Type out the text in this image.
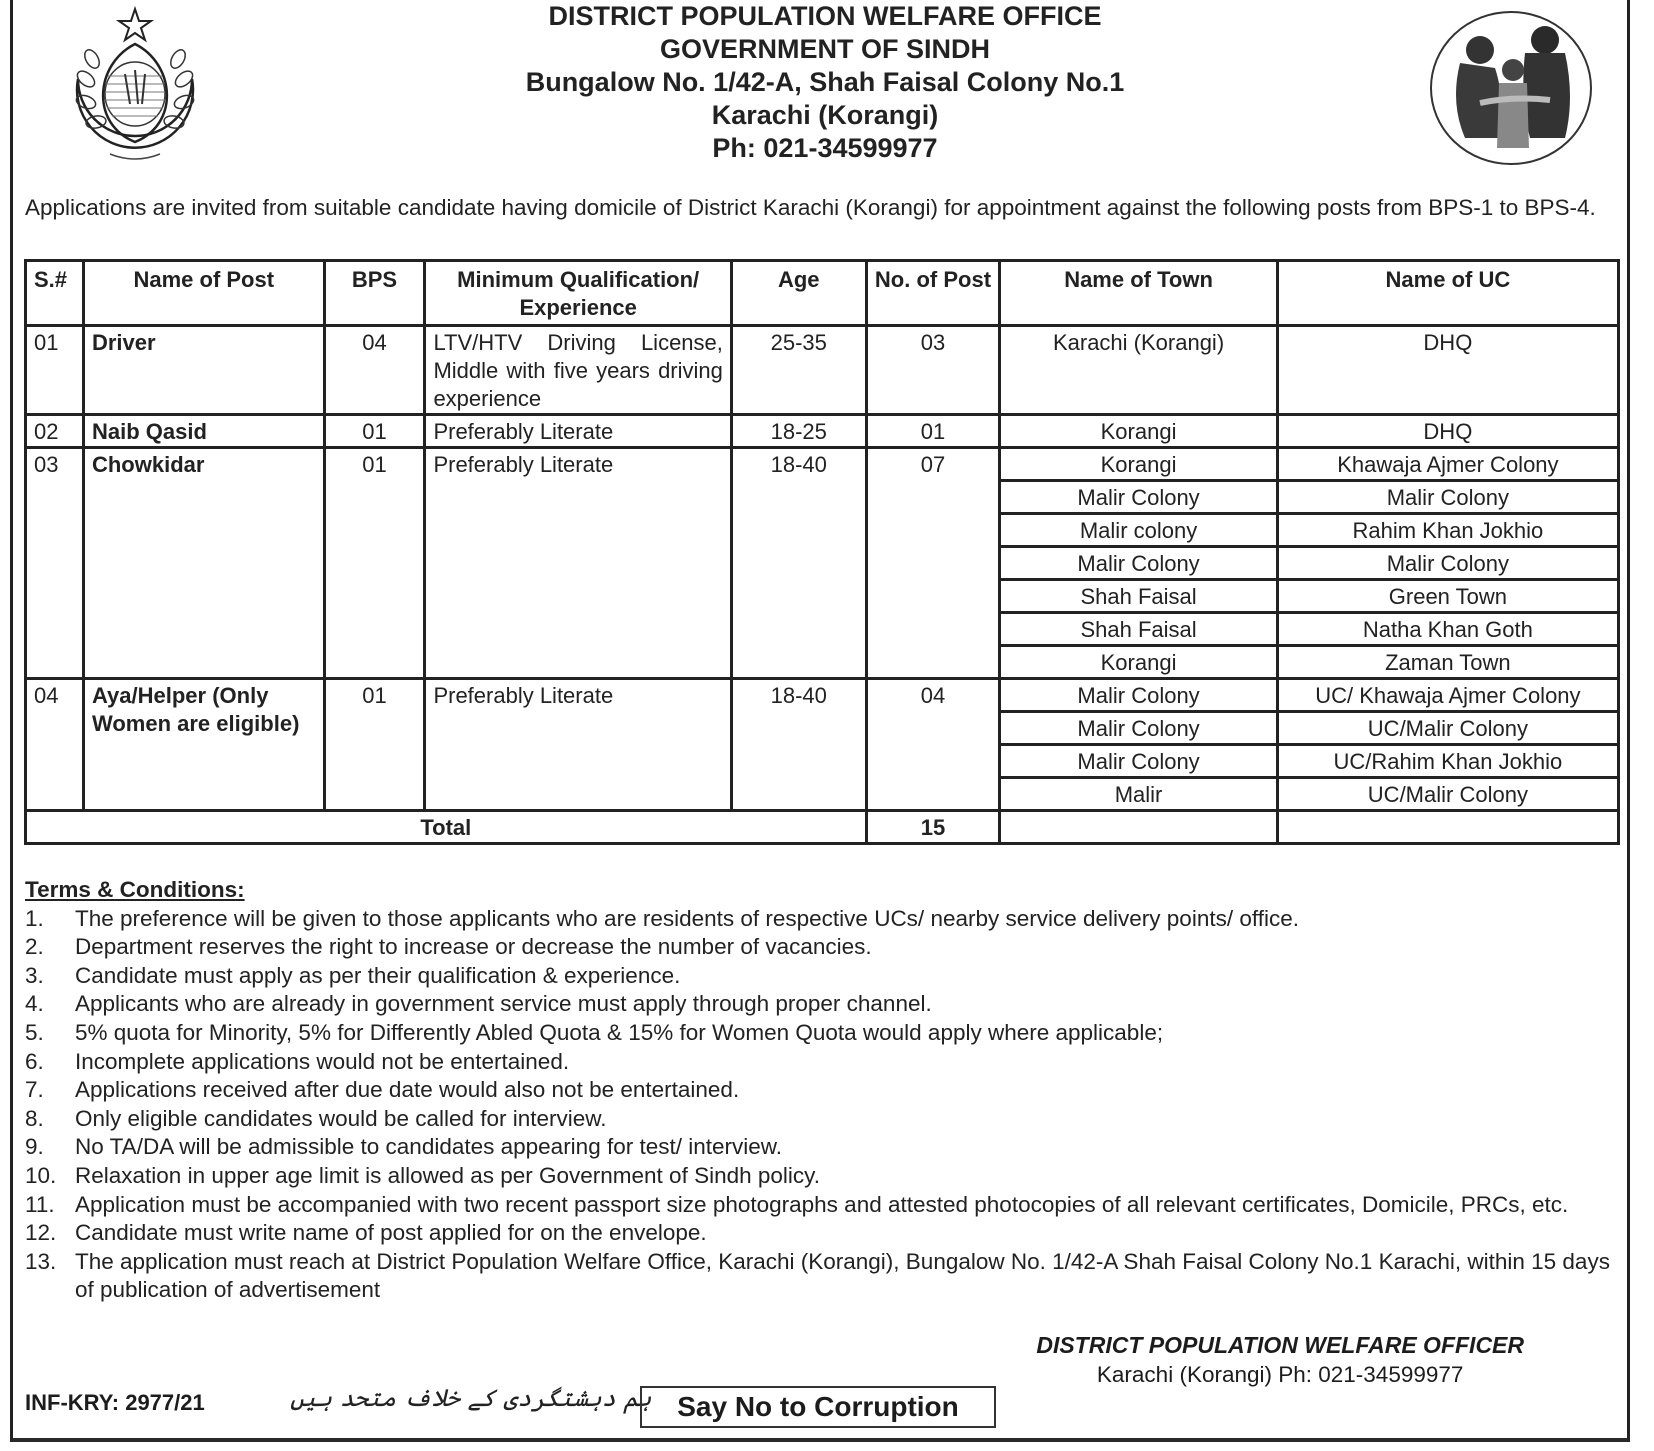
DISTRICT POPULATION WELFARE OFFICE
GOVERNMENT OF SINDH
Bungalow No. 1/42-A, Shah Faisal Colony No.1
Karachi (Korangi)
Ph: 021-34599977
Applications are invited from suitable candidate having domicile of District Karachi (Korangi) for appointment against the following posts from BPS-1 to BPS-4.
S.#	Name of Post	BPS	Minimum Qualification/ Experience	Age	No. of Post	Name of Town	Name of UC
01	Driver	04	LTV/HTV Driving License, Middle with five years driving experience	25-35	03	Karachi (Korangi)	DHQ
02	Naib Qasid	01	Preferably Literate	18-25	01	Korangi	DHQ
03	Chowkidar	01	Preferably Literate	18-40	07	Korangi	Khawaja Ajmer Colony
						Malir Colony	Malir Colony
						Malir colony	Rahim Khan Jokhio
						Malir Colony	Malir Colony
						Shah Faisal	Green Town
						Shah Faisal	Natha Khan Goth
						Korangi	Zaman Town
04	Aya/Helper (Only Women are eligible)	01	Preferably Literate	18-40	04	Malir Colony	UC/ Khawaja Ajmer Colony
						Malir Colony	UC/Malir Colony
						Malir Colony	UC/Rahim Khan Jokhio
						Malir	UC/Malir Colony
Total					15		
Terms & Conditions:
1.	The preference will be given to those applicants who are residents of respective UCs/ nearby service delivery points/ office.
2.	Department reserves the right to increase or decrease the number of vacancies.
3.	Candidate must apply as per their qualification & experience.
4.	Applicants who are already in government service must apply through proper channel.
5.	5% quota for Minority, 5% for Differently Abled Quota & 15% for Women Quota would apply where applicable;
6.	Incomplete applications would not be entertained.
7.	Applications received after due date would also not be entertained.
8.	Only eligible candidates would be called for interview.
9.	No TA/DA will be admissible to candidates appearing for test/ interview.
10. Relaxation in upper age limit is allowed as per Government of Sindh policy.
11. Application must be accompanied with two recent passport size photographs and attested photocopies of all relevant certificates, Domicile, PRCs, etc.
12. Candidate must write name of post applied for on the envelope.
13. The application must reach at District Population Welfare Office, Karachi (Korangi), Bungalow No. 1/42-A Shah Faisal Colony No.1 Karachi, within 15 days of publication of advertisement
DISTRICT POPULATION WELFARE OFFICER
Karachi (Korangi) Ph: 021-34599977
INF-KRY: 2977/21	ہم دہشتگردی کے خلاف متحد ہیں Say No to Corruption
